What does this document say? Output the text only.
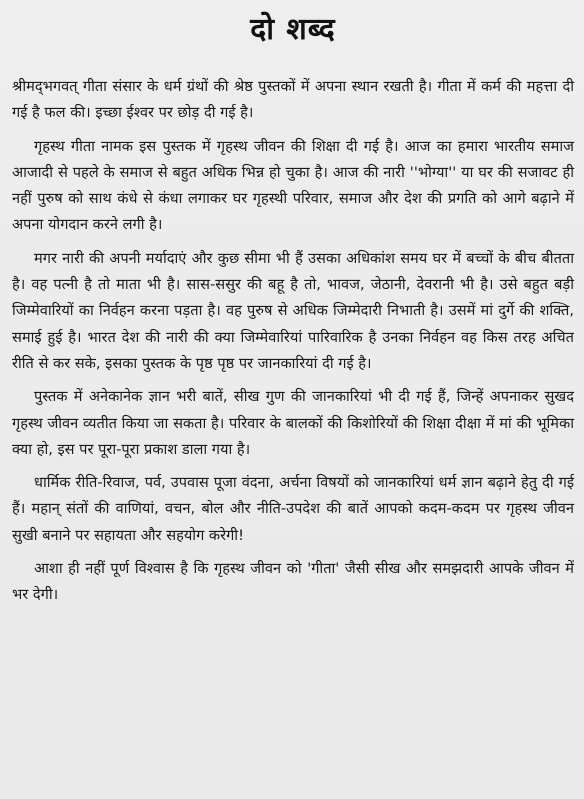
दो शब्द

श्रीमद्‌भगवत्‌ गीता संसार के धर्म ग्रंथों की श्रेष्ठ पुस्तकों में अपना स्थान रखती है। गीता में कर्म की महत्ता दी गई है फल की। इच्छा ईश्वर पर छोड़ दी गई है।

गृहस्थ गीता नामक इस पुस्तक में गृहस्थ जीवन की शिक्षा दी गई है। आज का हमारा भारतीय समाज आजादी से पहले के समाज से बहुत अधिक भिन्न हो चुका है। आज की नारी ''भोग्या'' या घर की सजावट ही नहीं पुरुष को साथ कंधे से कंधा लगाकर घर गृहस्थी परिवार, समाज और देश की प्रगति को आगे बढ़ाने में अपना योगदान करने लगी है।

मगर नारी की अपनी मर्यादाएं और कुछ सीमा भी हैं उसका अधिकांश समय घर में बच्चों के बीच बीतता है। वह पत्नी है तो माता भी है। सास-ससुर की बहू है तो, भावज, जेठानी, देवरानी भी है। उसे बहुत बड़ी जिम्मेवारियों का निर्वहन करना पड़ता है। वह पुरुष से अधिक जिम्मेदारी निभाती है। उसमें मां दुर्गे की शक्ति, समाई हुई है। भारत देश की नारी की क्या जिम्मेवारियां पारिवारिक है उनका निर्वहन वह किस तरह अचित रीति से कर सके, इसका पुस्तक के पृष्ठ पृष्ठ पर जानकारियां दी गई है।

पुस्तक में अनेकानेक ज्ञान भरी बातें, सीख गुण की जानकारियां भी दी गई हैं, जिन्हें अपनाकर सुखद गृहस्थ जीवन व्यतीत किया जा सकता है। परिवार के बालकों की किशोरियों की शिक्षा दीक्षा में मां की भूमिका क्या हो, इस पर पूरा-पूरा प्रकाश डाला गया है।

धार्मिक रीति-रिवाज, पर्व, उपवास पूजा वंदना, अर्चना विषयों को जानकारियां धर्म ज्ञान बढ़ाने हेतु दी गई हैं। महान्‌ संतों की वाणियां, वचन, बोल और नीति-उपदेश की बातें आपको कदम-कदम पर गृहस्थ जीवन सुखी बनाने पर सहायता और सहयोग करेगी!

आशा ही नहीं पूर्ण विश्वास है कि गृहस्थ जीवन को 'गीता' जैसी सीख और समझदारी आपके जीवन में भर देगी।
